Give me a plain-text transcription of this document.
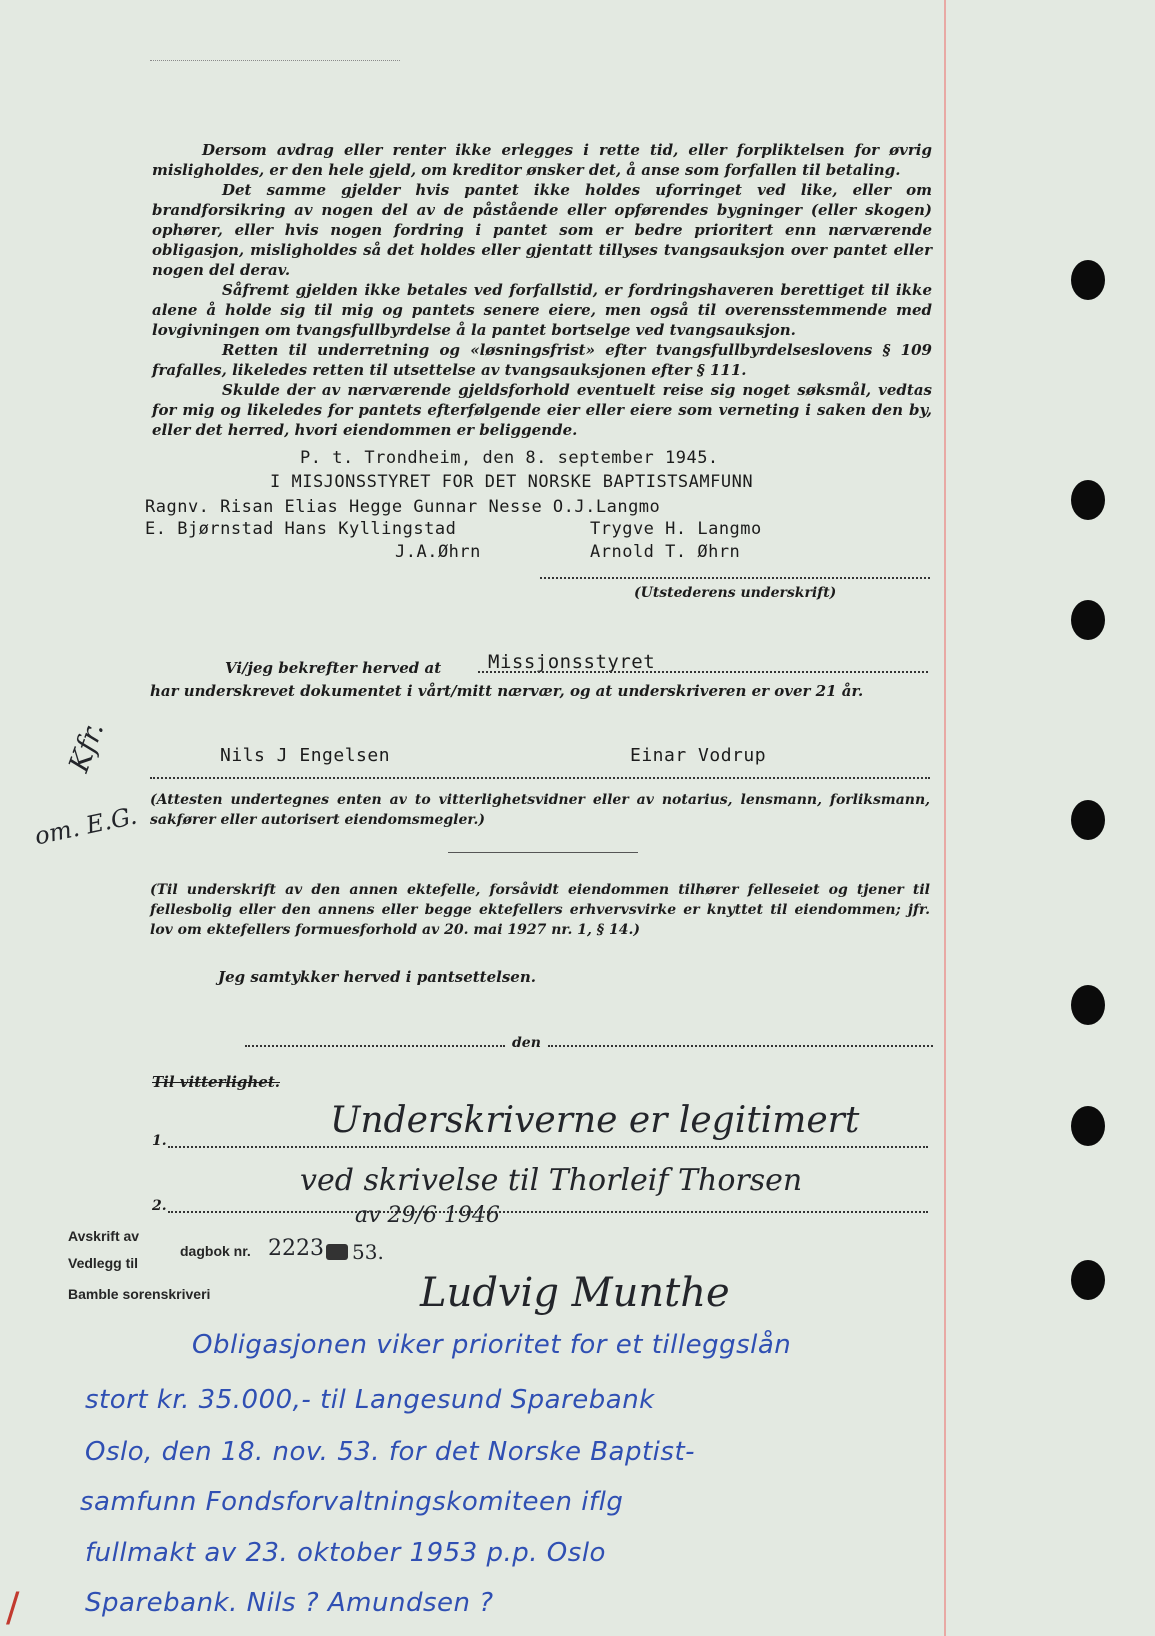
Dersom avdrag eller renter ikke erlegges i rette tid, eller forpliktelsen for øvrig misligholdes, er den hele gjeld, om kreditor ønsker det, å anse som forfallen til betaling.

Det samme gjelder hvis pantet ikke holdes uforringet ved like, eller om brandforsikring av nogen del av de påstående eller opførendes bygninger (eller skogen) ophører, eller hvis nogen fordring i pantet som er bedre prioritert enn nærværende obligasjon, misligholdes så det holdes eller gjentatt tillyses tvangsauksjon over pantet eller nogen del derav.

Såfremt gjelden ikke betales ved forfallstid, er fordringshaveren berettiget til ikke alene å holde sig til mig og pantets senere eiere, men også til overensstemmende med lovgivningen om tvangsfullbyrdelse å la pantet bortselge ved tvangsauksjon.

Retten til underretning og «løsningsfrist» efter tvangsfullbyrdelseslovens § 109 frafalles, likeledes retten til utsettelse av tvangsauksjonen efter § 111.

Skulde der av nærværende gjeldsforhold eventuelt reise sig noget søksmål, vedtas for mig og likeledes for pantets efterfølgende eier eller eiere som verneting i saken den by, eller det herred, hvori eiendommen er beliggende.

P. t. Trondheim, den 8. september 1945.
I MISJONSSTYRET FOR DET NORSKE BAPTISTSAMFUNN
Ragnv. Risan Elias Hegge Gunnar Nesse O.J.Langmo
E. Bjørnstad Hans Kyllingstad	Trygve H. Langmo
J.A.Øhrn	Arnold T. Øhrn
(Utstederens underskrift)
Vi/jeg bekrefter herved at Missjonsstyret
har underskrevet dokumentet i vårt/mitt nærvær, og at underskriveren er over 21 år.
Kfr.
om. E.G.
Nils J Engelsen	Einar Vodrup
(Attesten undertegnes enten av to vitterlighetsvidner eller av notarius, lensmann, forliksmann, sakfører eller autorisert eiendomsmegler.)
(Til underskrift av den annen ektefelle, forsåvidt eiendommen tilhører felleseiet og tjener til fellesbolig eller den annens eller begge ektefellers erhvervsvirke er knyttet til eiendommen; jfr. lov om ektefellers formuesforhold av 20. mai 1927 nr. 1, § 14.)
Jeg samtykker herved i pantsettelsen.
den
Til vitterlighet.
1.
2.
Underskriverne er legitimert
ved skrivelse til Thorleif Thorsen
av 29/6 1946
Ludvig Munthe
Avskrift av
Vedlegg til
dagbok nr. 2223 53.
Bamble sorenskriveri
Obligasjonen viker prioritet for et tilleggslån
stort kr. 35.000,- til Langesund Sparebank
Oslo, den 18. nov. 53. for det Norske Baptist-
samfunn Fondsforvaltningskomiteen iflg
fullmakt av 23. oktober 1953 p.p. Oslo
Sparebank. Nils ? Amundsen ?
/
